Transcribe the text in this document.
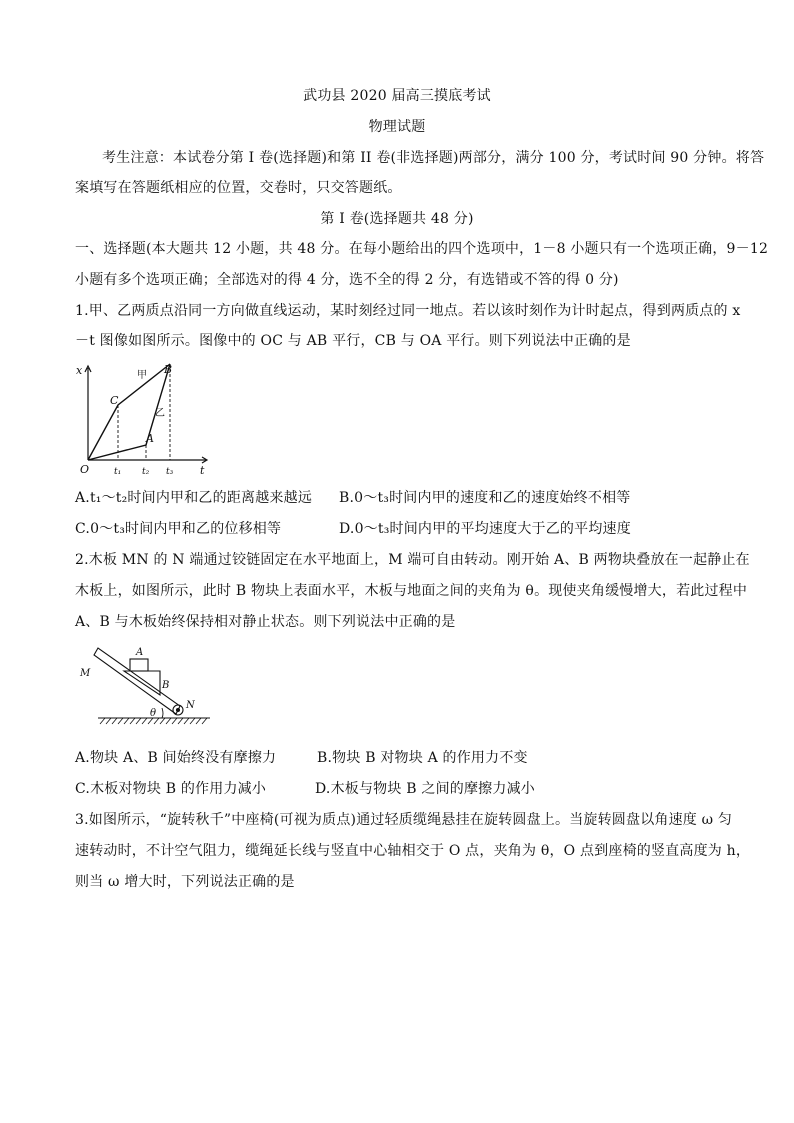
武功县 2020 届高三摸底考试
物理试题
考生注意：本试卷分第 I 卷(选择题)和第 II 卷(非选择题)两部分，满分 100 分，考试时间 90 分钟。将答
案填写在答题纸相应的位置，交卷时，只交答题纸。
第 I 卷(选择题共 48 分)
一、选择题(本大题共 12 小题，共 48 分。在每小题给出的四个选项中，1－8 小题只有一个选项正确，9－12
小题有多个选项正确；全部选对的得 4 分，选不全的得 2 分，有选错或不答的得 0 分)
1.甲、乙两质点沿同一方向做直线运动，某时刻经过同一地点。若以该时刻作为计时起点，得到两质点的 x
－t 图像如图所示。图像中的 OC 与 AB 平行，CB 与 OA 平行。则下列说法中正确的是
x
t
O
C
B
A
t₁ t₂ t₃
甲
乙
A.t₁～t₂时间内甲和乙的距离越来越远 B.0～t₃时间内甲的速度和乙的速度始终不相等
C.0～t₃时间内甲和乙的位移相等	D.0～t₃时间内甲的平均速度大于乙的平均速度
2.木板 MN 的 N 端通过铰链固定在水平地面上，M 端可自由转动。刚开始 A、B 两物块叠放在一起静止在
木板上，如图所示，此时 B 物块上表面水平，木板与地面之间的夹角为 θ。现使夹角缓慢增大，若此过程中
A、B 与木板始终保持相对静止状态。则下列说法中正确的是
M
N
A
B
θ
A.物块 A、B 间始终没有摩擦力	B.物块 B 对物块 A 的作用力不变
C.木板对物块 B 的作用力减小	D.木板与物块 B 之间的摩擦力减小
3.如图所示，“旋转秋千”中座椅(可视为质点)通过轻质缆绳悬挂在旋转圆盘上。当旋转圆盘以角速度 ω 匀
速转动时，不计空气阻力，缆绳延长线与竖直中心轴相交于 O 点，夹角为 θ，O 点到座椅的竖直高度为 h，
则当 ω 增大时，下列说法正确的是
